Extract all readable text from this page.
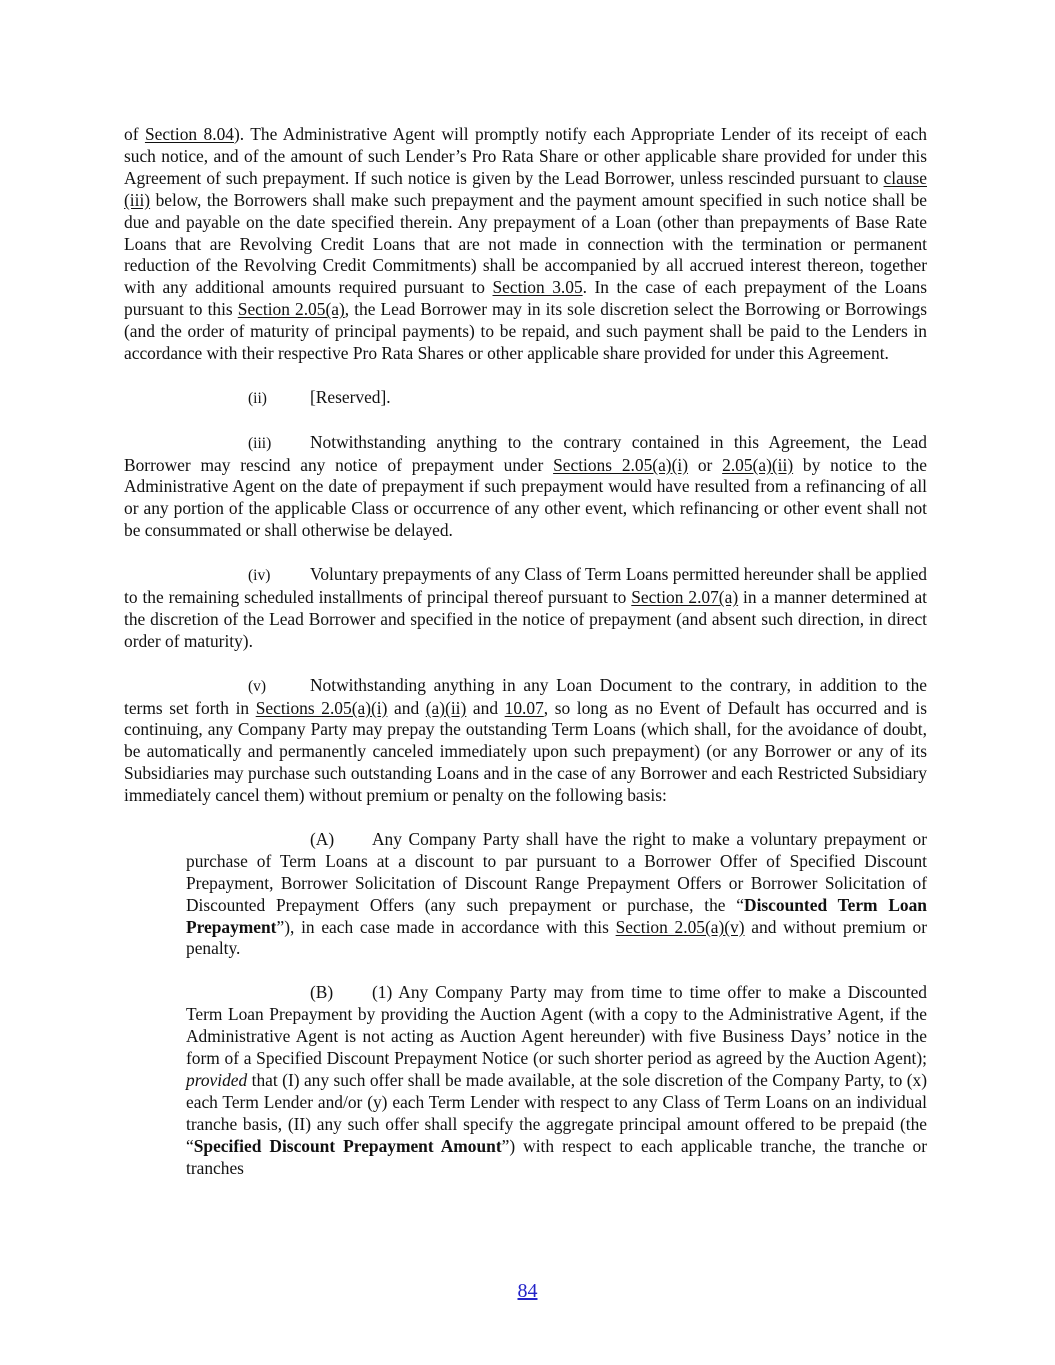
of Section 8.04). The Administrative Agent will promptly notify each Appropriate Lender of its receipt of each such notice, and of the amount of such Lender’s Pro Rata Share or other applicable share provided for under this Agreement of such prepayment. If such notice is given by the Lead Borrower, unless rescinded pursuant to clause (iii) below, the Borrowers shall make such prepayment and the payment amount specified in such notice shall be due and payable on the date specified therein. Any prepayment of a Loan (other than prepayments of Base Rate Loans that are Revolving Credit Loans that are not made in connection with the termination or permanent reduction of the Revolving Credit Commitments) shall be accompanied by all accrued interest thereon, together with any additional amounts required pursuant to Section 3.05. In the case of each prepayment of the Loans pursuant to this Section 2.05(a), the Lead Borrower may in its sole discretion select the Borrowing or Borrowings (and the order of maturity of principal payments) to be repaid, and such payment shall be paid to the Lenders in accordance with their respective Pro Rata Shares or other applicable share provided for under this Agreement.

(ii) [Reserved].

(iii) Notwithstanding anything to the contrary contained in this Agreement, the Lead Borrower may rescind any notice of prepayment under Sections 2.05(a)(i) or 2.05(a)(ii) by notice to the Administrative Agent on the date of prepayment if such prepayment would have resulted from a refinancing of all or any portion of the applicable Class or occurrence of any other event, which refinancing or other event shall not be consummated or shall otherwise be delayed.

(iv) Voluntary prepayments of any Class of Term Loans permitted hereunder shall be applied to the remaining scheduled installments of principal thereof pursuant to Section 2.07(a) in a manner determined at the discretion of the Lead Borrower and specified in the notice of prepayment (and absent such direction, in direct order of maturity).

(v)	Notwithstanding anything in any Loan Document to the contrary, in addition to the terms set forth in Sections 2.05(a)(i) and (a)(ii) and 10.07, so long as no Event of Default has occurred and is continuing, any Company Party may prepay the outstanding Term Loans (which shall, for the avoidance of doubt, be automatically and permanently canceled immediately upon such prepayment) (or any Borrower or any of its Subsidiaries may purchase such outstanding Loans and in the case of any Borrower and each Restricted Subsidiary immediately cancel them) without premium or penalty on the following basis:

(A) Any Company Party shall have the right to make a voluntary prepayment or purchase of Term Loans at a discount to par pursuant to a Borrower Offer of Specified Discount Prepayment, Borrower Solicitation of Discount Range Prepayment Offers or Borrower Solicitation of Discounted Prepayment Offers (any such prepayment or purchase, the “Discounted Term Loan Prepayment”), in each case made in accordance with this Section 2.05(a)(v) and without premium or penalty.

(B) (1) Any Company Party may from time to time offer to make a Discounted Term Loan Prepayment by providing the Auction Agent (with a copy to the Administrative Agent, if the Administrative Agent is not acting as Auction Agent hereunder) with five Business Days’ notice in the form of a Specified Discount Prepayment Notice (or such shorter period as agreed by the Auction Agent); provided that (I) any such offer shall be made available, at the sole discretion of the Company Party, to (x) each Term Lender and/or (y) each Term Lender with respect to any Class of Term Loans on an individual tranche basis, (II) any such offer shall specify the aggregate principal amount offered to be prepaid (the “Specified Discount Prepayment Amount”) with respect to each applicable tranche, the tranche or tranches

84
